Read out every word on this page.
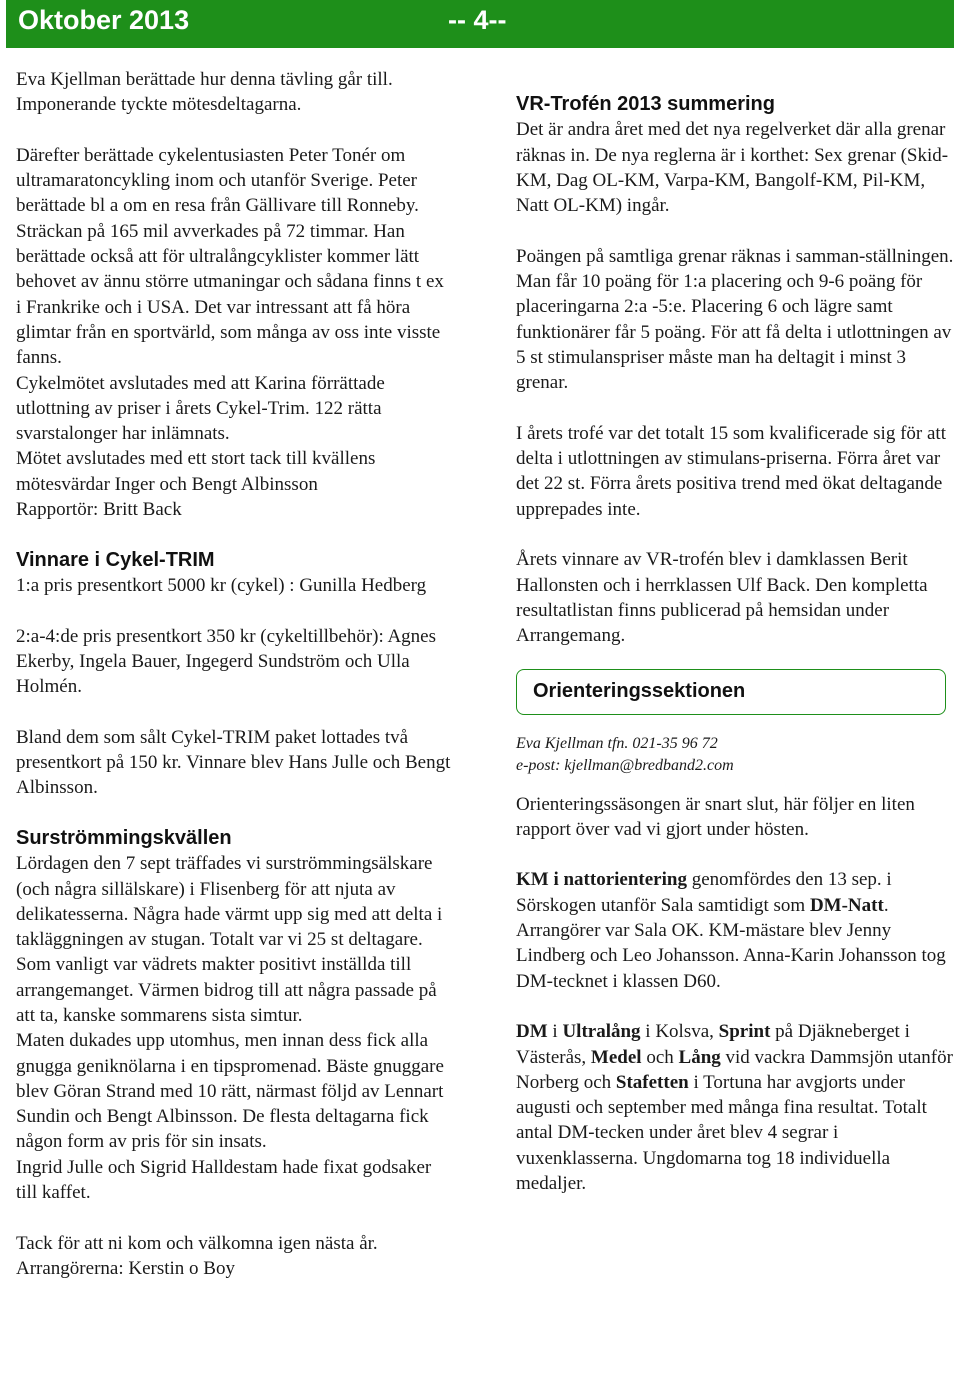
Oktober 2013	-- 4--

Eva Kjellman berättade hur denna tävling går till. Imponerande tyckte mötesdeltagarna.

Därefter berättade cykelentusiasten Peter Tonér om ultramaratoncykling inom och utanför Sverige. Peter berättade bl a om en resa från Gällivare till Ronneby. Sträckan på 165 mil avverkades på 72 timmar. Han berättade också att för ultralångcyklister kommer lätt behovet av ännu större utmaningar och sådana finns t ex i Frankrike och i USA. Det var intressant att få höra glimtar från en sportvärld, som många av oss inte visste fanns.

Cykelmötet avslutades med att Karina förrättade utlottning av priser i årets Cykel-Trim. 122 rätta svarstalonger har inlämnats.

Mötet avslutades med ett stort tack till kvällens mötesvärdar Inger och Bengt Albinsson

Rapportör: Britt Back

Vinnare i Cykel-TRIM

1:a pris presentkort 5000 kr (cykel) : Gunilla Hedberg

2:a-4:de pris presentkort 350 kr (cykeltillbehör): Agnes Ekerby, Ingela Bauer, Ingegerd Sundström och Ulla Holmén.

Bland dem som sålt Cykel-TRIM paket lottades två presentkort på 150 kr. Vinnare blev Hans Julle och Bengt Albinsson.

Surströmmingskvällen

Lördagen den 7 sept träffades vi surströmmingsälskare (och några sillälskare) i Flisenberg för att njuta av delikatesserna. Några hade värmt upp sig med att delta i takläggningen av stugan. Totalt var vi 25 st deltagare.

Som vanligt var vädrets makter positivt inställda till arrangemanget. Värmen bidrog till att några passade på att ta, kanske sommarens sista simtur.

Maten dukades upp utomhus, men innan dess fick alla gnugga geniknölarna i en tipspromenad. Bäste gnuggare blev Göran Strand med 10 rätt, närmast följd av Lennart Sundin och Bengt Albinsson. De flesta deltagarna fick någon form av pris för sin insats.

Ingrid Julle och Sigrid Halldestam hade fixat godsaker till kaffet.

Tack för att ni kom och välkomna igen nästa år.

Arrangörerna: Kerstin o Boy

VR-Trofén 2013 summering

Det är andra året med det nya regelverket där alla grenar räknas in. De nya reglerna är i korthet: Sex grenar (Skid-KM, Dag OL-KM, Varpa-KM, Bangolf-KM, Pil-KM, Natt OL-KM) ingår.

Poängen på samtliga grenar räknas i samman-ställningen. Man får 10 poäng för 1:a placering och 9-6 poäng för placeringarna 2:a -5:e. Placering 6 och lägre samt funktionärer får 5 poäng. För att få delta i utlottningen av 5 st stimulanspriser måste man ha deltagit i minst 3 grenar.

I årets trofé var det totalt 15 som kvalificerade sig för att delta i utlottningen av stimulans-priserna. Förra året var det 22 st. Förra årets positiva trend med ökat deltagande upprepades inte.

Årets vinnare av VR-trofén blev i damklassen Berit Hallonsten och i herrklassen Ulf Back. Den kompletta resultatlistan finns publicerad på hemsidan under Arrangemang.

Orienteringssektionen
Eva Kjellman tfn. 021-35 96 72
e-post: kjellman@bredband2.com

Orienteringssäsongen är snart slut, här följer en liten rapport över vad vi gjort under hösten.

KM i nattorientering genomfördes den 13 sep. i Sörskogen utanför Sala samtidigt som DM-Natt. Arrangörer var Sala OK. KM-mästare blev Jenny Lindberg och Leo Johansson. Anna-Karin Johansson tog DM-tecknet i klassen D60.

DM i Ultralång i Kolsva, Sprint på Djäkneberget i Västerås, Medel och Lång vid vackra Dammsjön utanför Norberg och Stafetten i Tortuna har avgjorts under augusti och september med många fina resultat. Totalt antal DM-tecken under året blev 4 segrar i vuxenklasserna. Ungdomarna tog 18 individuella medaljer.
